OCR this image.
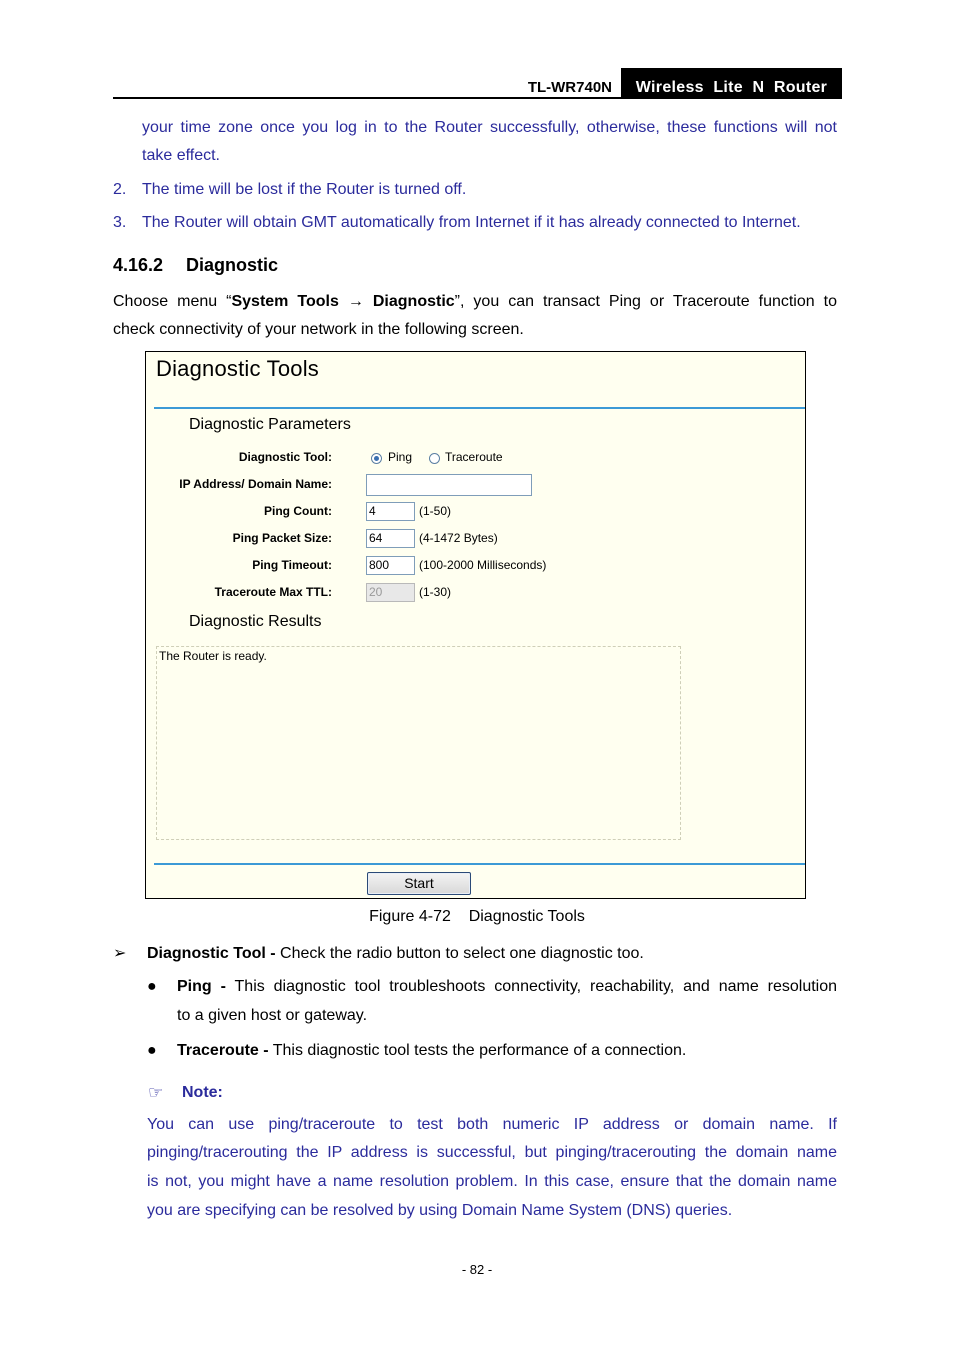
TL-WR740N	Wireless  Lite  N  Router
your time zone once you log in to the Router successfully, otherwise, these functions will not
take effect.
2. The time will be lost if the Router is turned off.
3. The Router will obtain GMT automatically from Internet if it has already connected to Internet.
4.16.2 Diagnostic
Choose menu “System Tools → Diagnostic”, you can transact Ping or Traceroute function to
check connectivity of your network in the following screen.
Diagnostic Tools
Diagnostic Parameters
Diagnostic Tool:	Ping	Traceroute
IP Address/ Domain Name:
Ping Count:	4	(1-50)
Ping Packet Size:	64	(4-1472 Bytes)
Ping Timeout:	800	(100-2000 Milliseconds)
Traceroute Max TTL:	20	(1-30)
Diagnostic Results
The Router is ready.
Start
Figure 4-72    Diagnostic Tools
➢ Diagnostic Tool - Check the radio button to select one diagnostic too.
● Ping - This diagnostic tool troubleshoots connectivity, reachability, and name resolution
to a given host or gateway.
● Traceroute - This diagnostic tool tests the performance of a connection.
☞ Note:
You  can  use  ping/traceroute  to  test  both  numeric  IP  address  or  domain  name.  If
pinging/tracerouting the IP address is successful, but pinging/tracerouting the domain name
is not, you might have a name resolution problem. In this case, ensure that the domain name
you are specifying can be resolved by using Domain Name System (DNS) queries.
- 82 -
